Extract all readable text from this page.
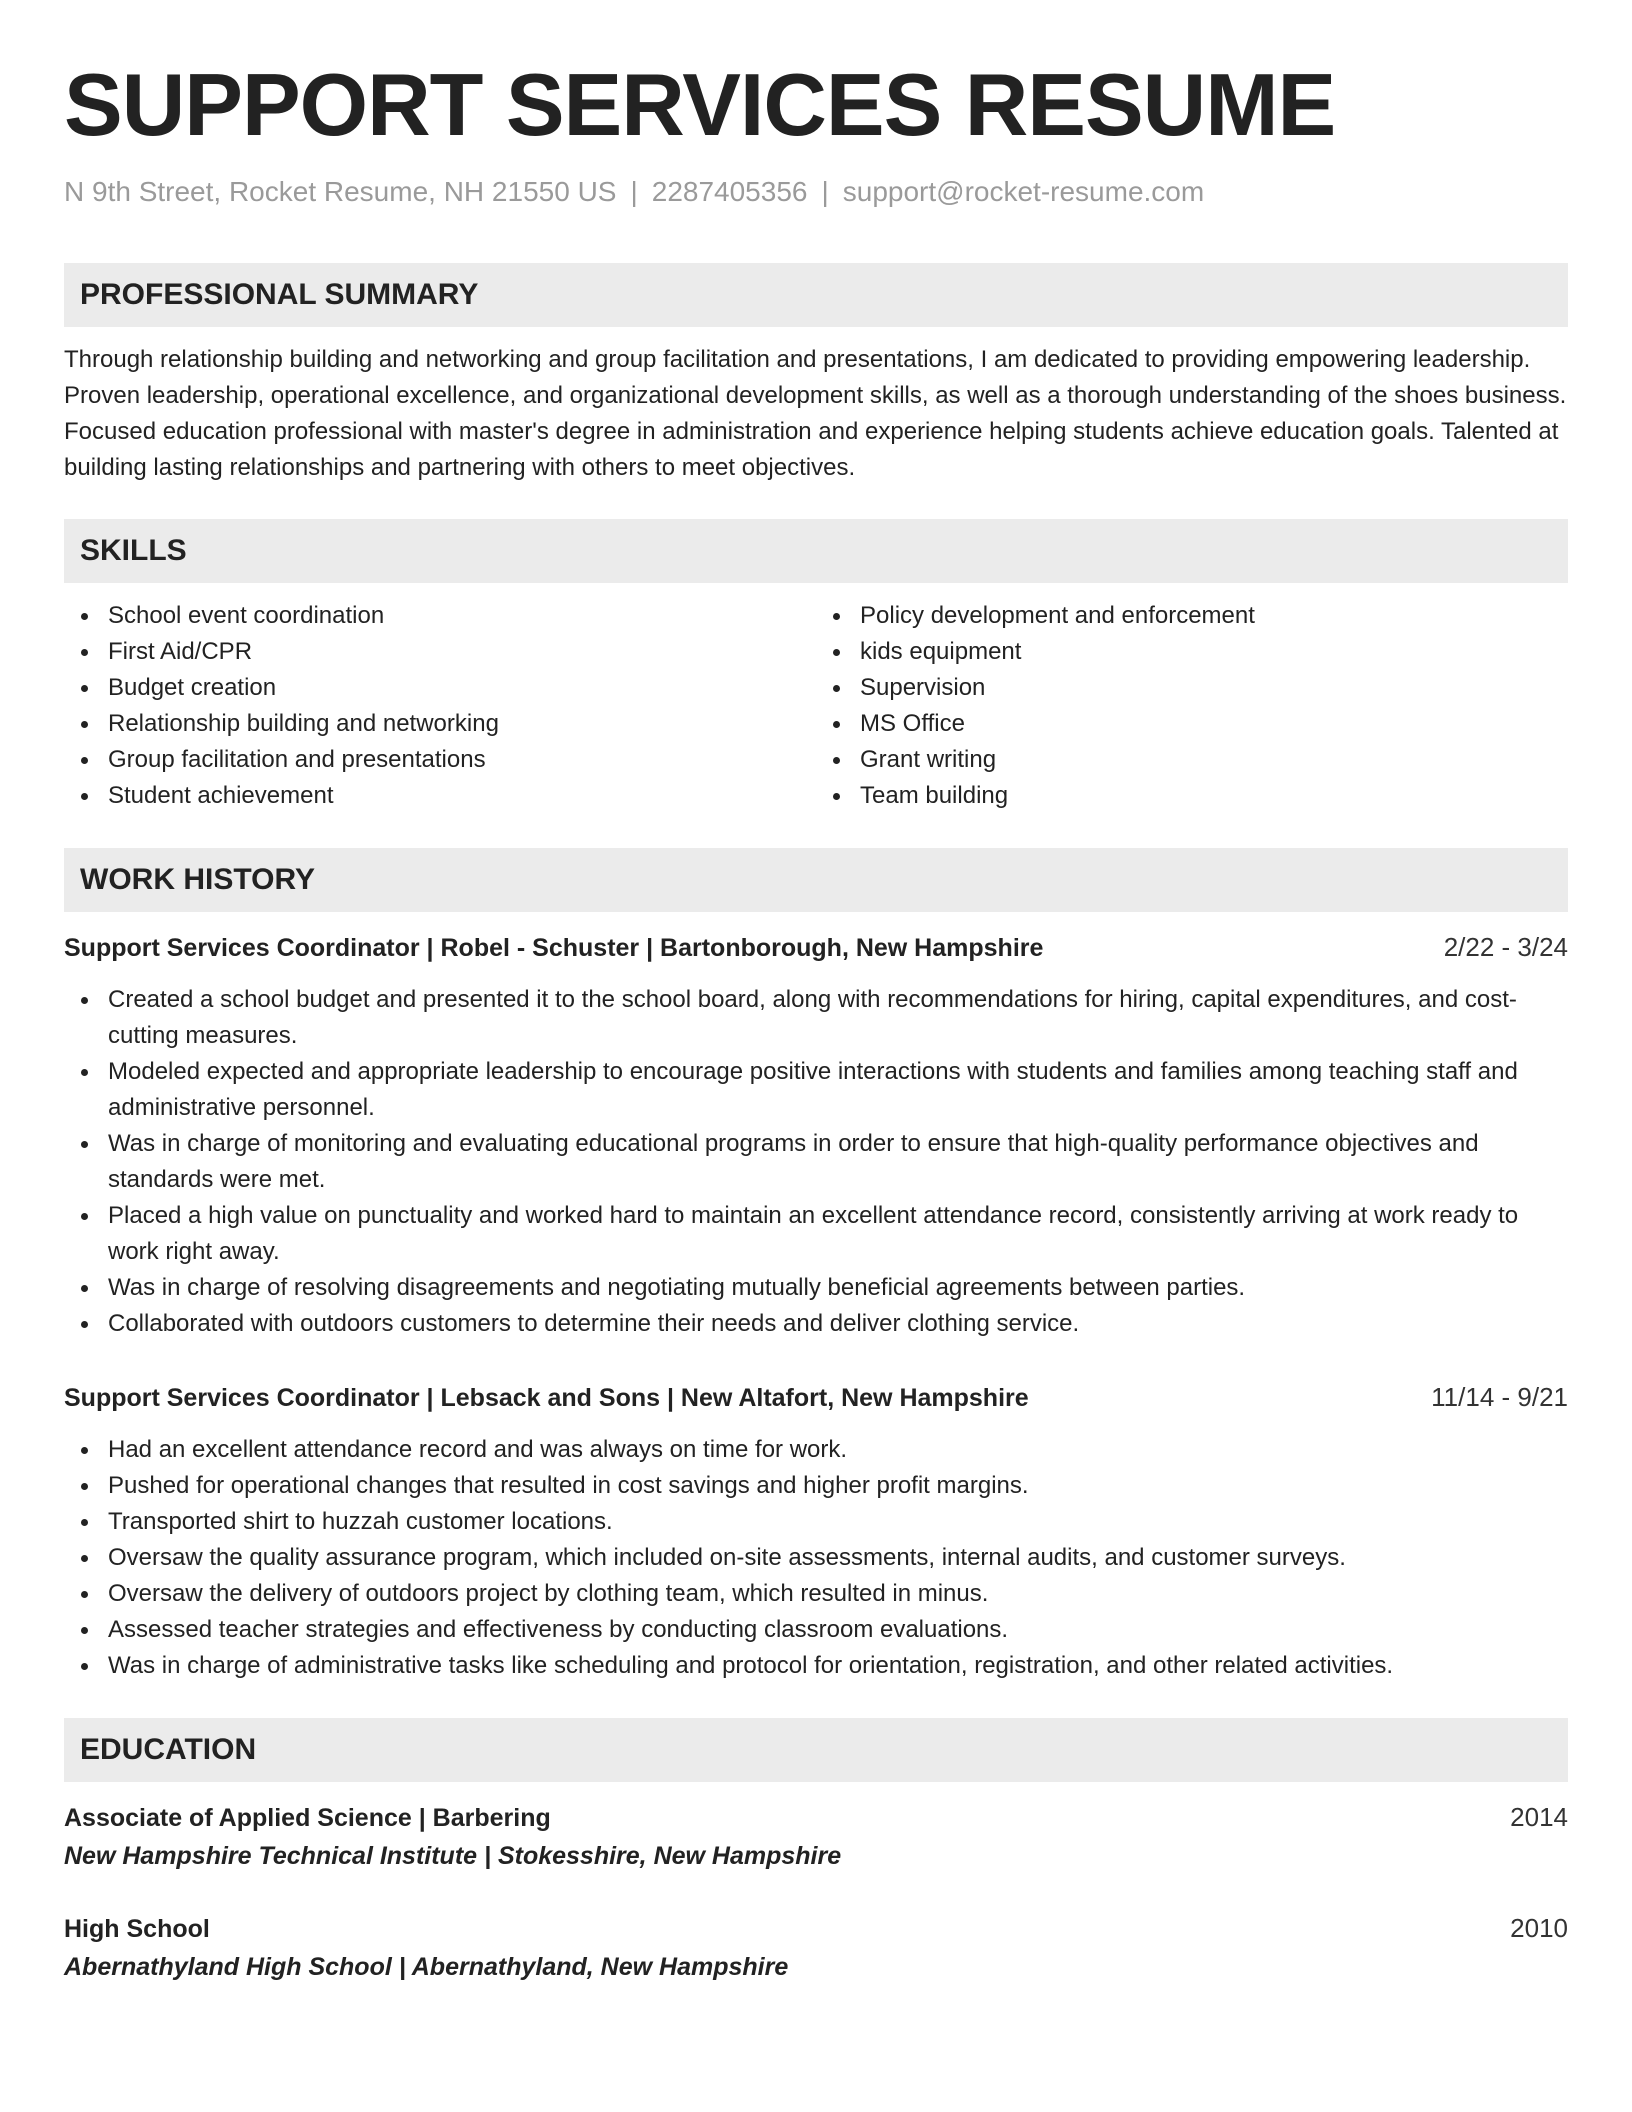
SUPPORT SERVICES RESUME
N 9th Street, Rocket Resume, NH 21550 US | 2287405356 | support@rocket-resume.com
PROFESSIONAL SUMMARY

Through relationship building and networking and group facilitation and presentations, I am dedicated to providing empowering leadership. Proven leadership, operational excellence, and organizational development skills, as well as a thorough understanding of the shoes business. Focused education professional with master's degree in administration and experience helping students achieve education goals. Talented at building lasting relationships and partnering with others to meet objectives.

SKILLS
School event coordination
First Aid/CPR
Budget creation
Relationship building and networking
Group facilitation and presentations
Student achievement
Policy development and enforcement
kids equipment
Supervision
MS Office
Grant writing
Team building
WORK HISTORY
Support Services Coordinator | Robel - Schuster | Bartonborough, New Hampshire	2/22 - 3/24
Created a school budget and presented it to the school board, along with recommendations for hiring, capital expenditures, and cost-cutting measures.
Modeled expected and appropriate leadership to encourage positive interactions with students and families among teaching staff and administrative personnel.
Was in charge of monitoring and evaluating educational programs in order to ensure that high-quality performance objectives and standards were met.
Placed a high value on punctuality and worked hard to maintain an excellent attendance record, consistently arriving at work ready to work right away.
Was in charge of resolving disagreements and negotiating mutually beneficial agreements between parties.
Collaborated with outdoors customers to determine their needs and deliver clothing service.
Support Services Coordinator | Lebsack and Sons | New Altafort, New Hampshire	11/14 - 9/21
Had an excellent attendance record and was always on time for work.
Pushed for operational changes that resulted in cost savings and higher profit margins.
Transported shirt to huzzah customer locations.
Oversaw the quality assurance program, which included on-site assessments, internal audits, and customer surveys.
Oversaw the delivery of outdoors project by clothing team, which resulted in minus.
Assessed teacher strategies and effectiveness by conducting classroom evaluations.
Was in charge of administrative tasks like scheduling and protocol for orientation, registration, and other related activities.
EDUCATION
Associate of Applied Science | Barbering	2014
New Hampshire Technical Institute | Stokesshire, New Hampshire
High School	2010
Abernathyland High School | Abernathyland, New Hampshire
